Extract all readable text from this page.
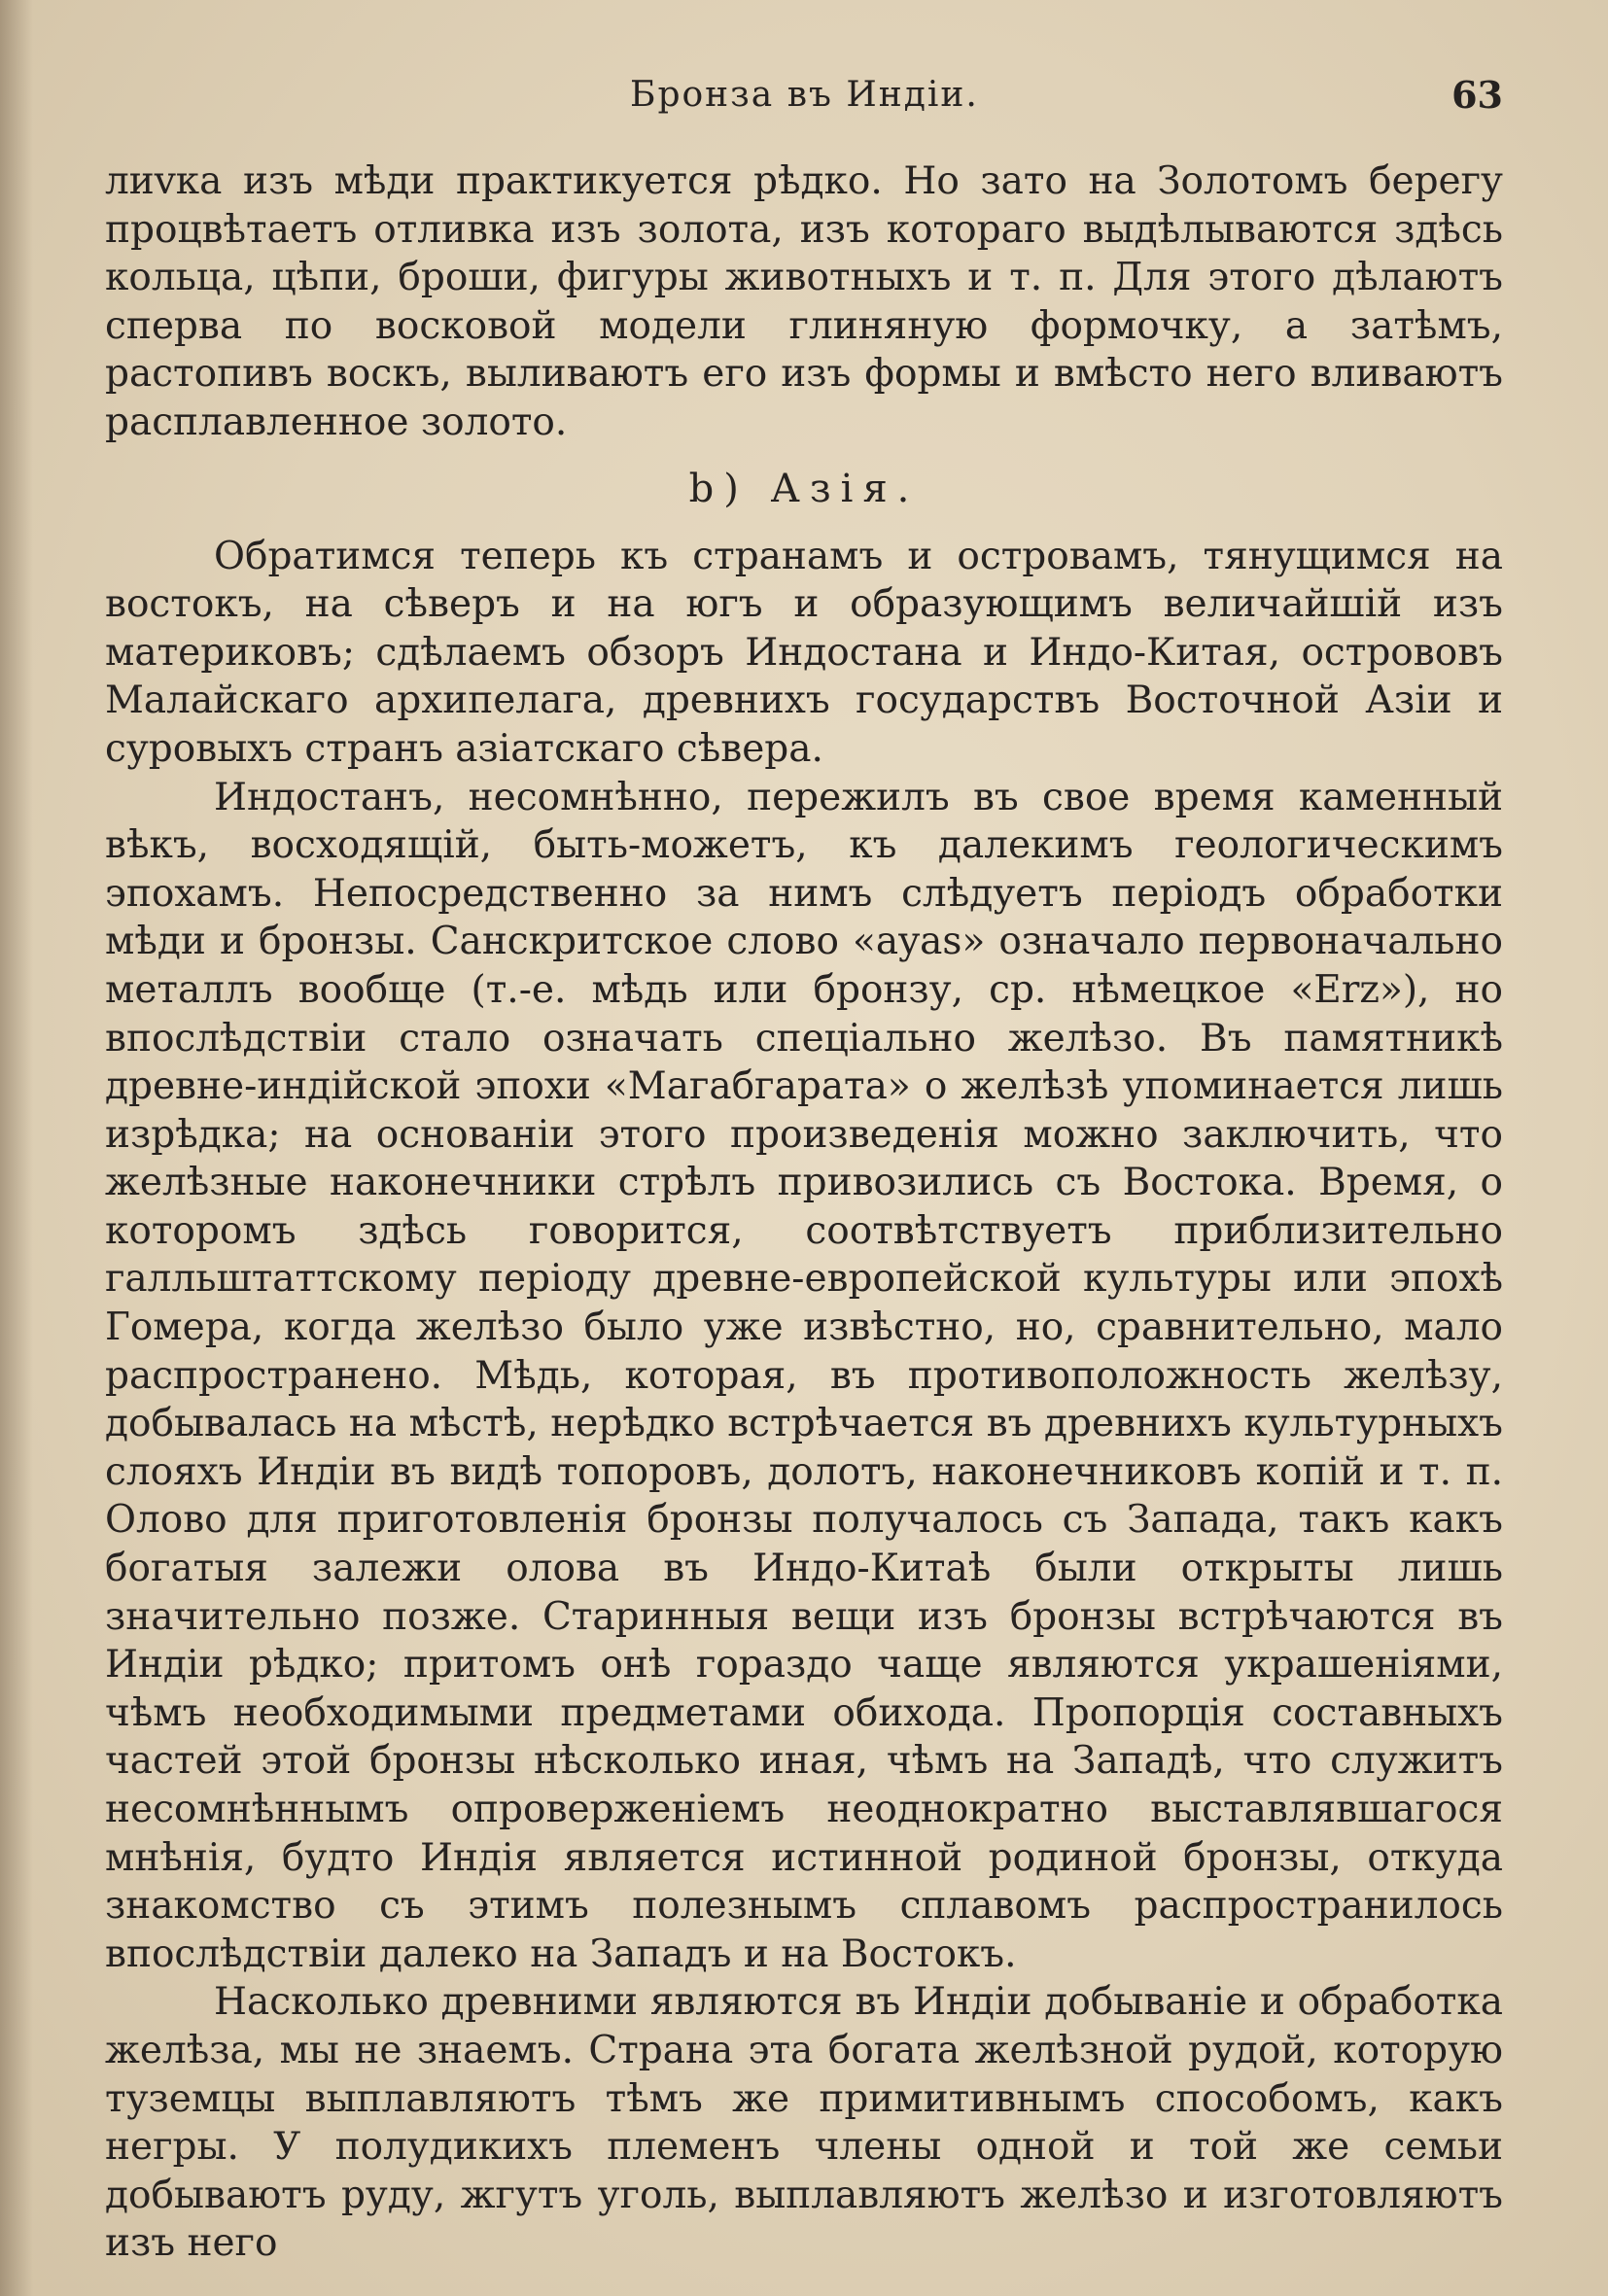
Бронза въ Индіи.	63

лиvка изъ мѣди практикуется рѣдко. Но зато на Золотомъ берегу процвѣтаетъ отливка изъ золота, изъ котораго выдѣлываются здѣсь кольца, цѣпи, броши, фигуры животныхъ и т. п. Для этого дѣлаютъ сперва по восковой модели глиняную формочку, а затѣмъ, растопивъ воскъ, выливаютъ его изъ формы и вмѣсто него вливаютъ расплавленное золото.

b) Азія.

Обратимся теперь къ странамъ и островамъ, тянущимся на востокъ, на сѣверъ и на югъ и образующимъ величайшій изъ материковъ; сдѣлаемъ обзоръ Индостана и Индо-Китая, острововъ Малайскаго архипелага, древнихъ государствъ Восточной Азіи и суровыхъ странъ азіатскаго сѣвера.

Индостанъ, несомнѣнно, пережилъ въ свое время каменный вѣкъ, восходящій, быть-можетъ, къ далекимъ геологическимъ эпохамъ. Непосредственно за нимъ слѣдуетъ періодъ обработки мѣди и бронзы. Санскритское слово «ayas» означало первоначально металлъ вообще (т.-е. мѣдь или бронзу, ср. нѣмецкое «Erz»), но впослѣдствіи стало означать спеціально желѣзо. Въ памятникѣ древне-индійской эпохи «Магабгарата» о желѣзѣ упоминается лишь изрѣдка; на основаніи этого произведенія можно заключить, что желѣзные наконечники стрѣлъ привозились съ Востока. Время, о которомъ здѣсь говорится, соотвѣтствуетъ приблизительно галльштаттскому періоду древне-европейской культуры или эпохѣ Гомера, когда желѣзо было уже извѣстно, но, сравнительно, мало распространено. Мѣдь, которая, въ противоположность желѣзу, добывалась на мѣстѣ, нерѣдко встрѣчается въ древнихъ культурныхъ слояхъ Индіи въ видѣ топоровъ, долотъ, наконечниковъ копій и т. п. Олово для приготовленія бронзы получалось съ Запада, такъ какъ богатыя залежи олова въ Индо-Китаѣ были открыты лишь значительно позже. Старинныя вещи изъ бронзы встрѣчаются въ Индіи рѣдко; притомъ онѣ гораздо чаще являются украшеніями, чѣмъ необходимыми предметами обихода. Пропорція составныхъ частей этой бронзы нѣсколько иная, чѣмъ на Западѣ, что служитъ несомнѣннымъ опроверженіемъ неоднократно выставлявшагося мнѣнія, будто Индія является истинной родиной бронзы, откуда знакомство съ этимъ полезнымъ сплавомъ распространилось впослѣдствіи далеко на Западъ и на Востокъ.

Насколько древними являются въ Индіи добываніе и обработка желѣза, мы не знаемъ. Страна эта богата желѣзной рудой, которую туземцы выплавляютъ тѣмъ же примитивнымъ способомъ, какъ негры. У полудикихъ племенъ члены одной и той же семьи добываютъ руду, жгутъ уголь, выплавляютъ желѣзо и изготовляютъ изъ него
